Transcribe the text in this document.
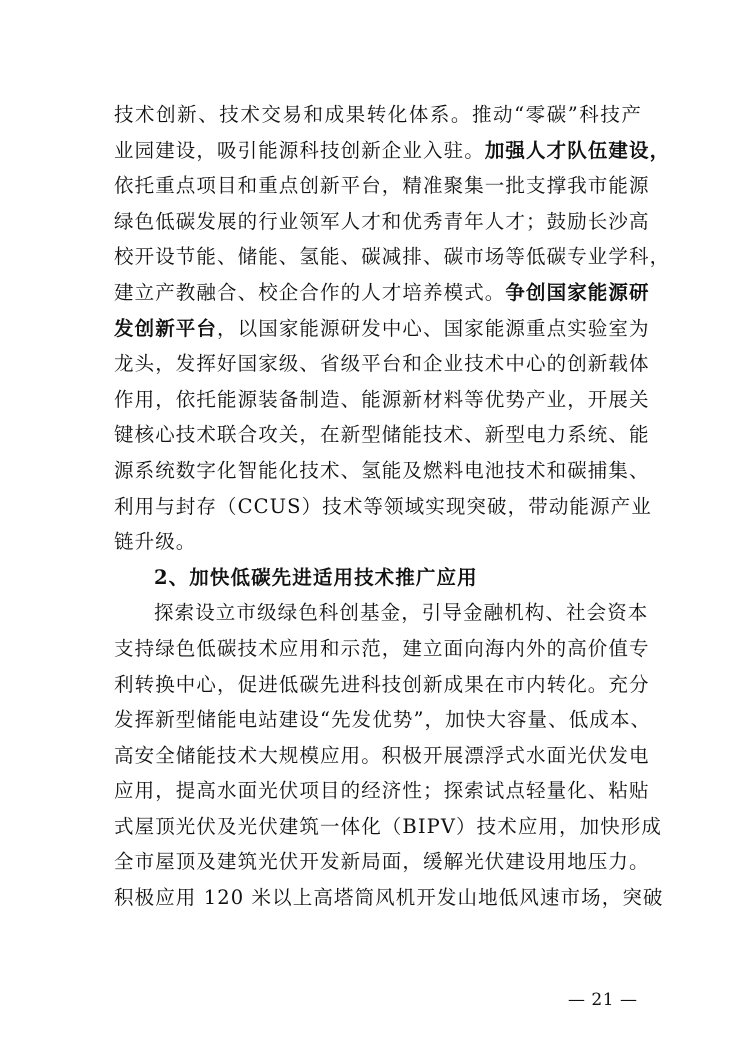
技术创新、技术交易和成果转化体系。推动“零碳”科技产
业园建设，吸引能源科技创新企业入驻。加强人才队伍建设，
依托重点项目和重点创新平台，精准聚集一批支撑我市能源
绿色低碳发展的行业领军人才和优秀青年人才；鼓励长沙高
校开设节能、储能、氢能、碳减排、碳市场等低碳专业学科，
建立产教融合、校企合作的人才培养模式。争创国家能源研
发创新平台，以国家能源研发中心、国家能源重点实验室为
龙头，发挥好国家级、省级平台和企业技术中心的创新载体
作用，依托能源装备制造、能源新材料等优势产业，开展关
键核心技术联合攻关，在新型储能技术、新型电力系统、能
源系统数字化智能化技术、氢能及燃料电池技术和碳捕集、
利用与封存（CCUS）技术等领域实现突破，带动能源产业
链升级。
2、加快低碳先进适用技术推广应用
探索设立市级绿色科创基金，引导金融机构、社会资本
支持绿色低碳技术应用和示范，建立面向海内外的高价值专
利转换中心，促进低碳先进科技创新成果在市内转化。充分
发挥新型储能电站建设“先发优势”，加快大容量、低成本、
高安全储能技术大规模应用。积极开展漂浮式水面光伏发电
应用，提高水面光伏项目的经济性；探索试点轻量化、粘贴
式屋顶光伏及光伏建筑一体化（BIPV）技术应用，加快形成
全市屋顶及建筑光伏开发新局面，缓解光伏建设用地压力。
积极应用 120 米以上高塔筒风机开发山地低风速市场，突破
— 21 —
